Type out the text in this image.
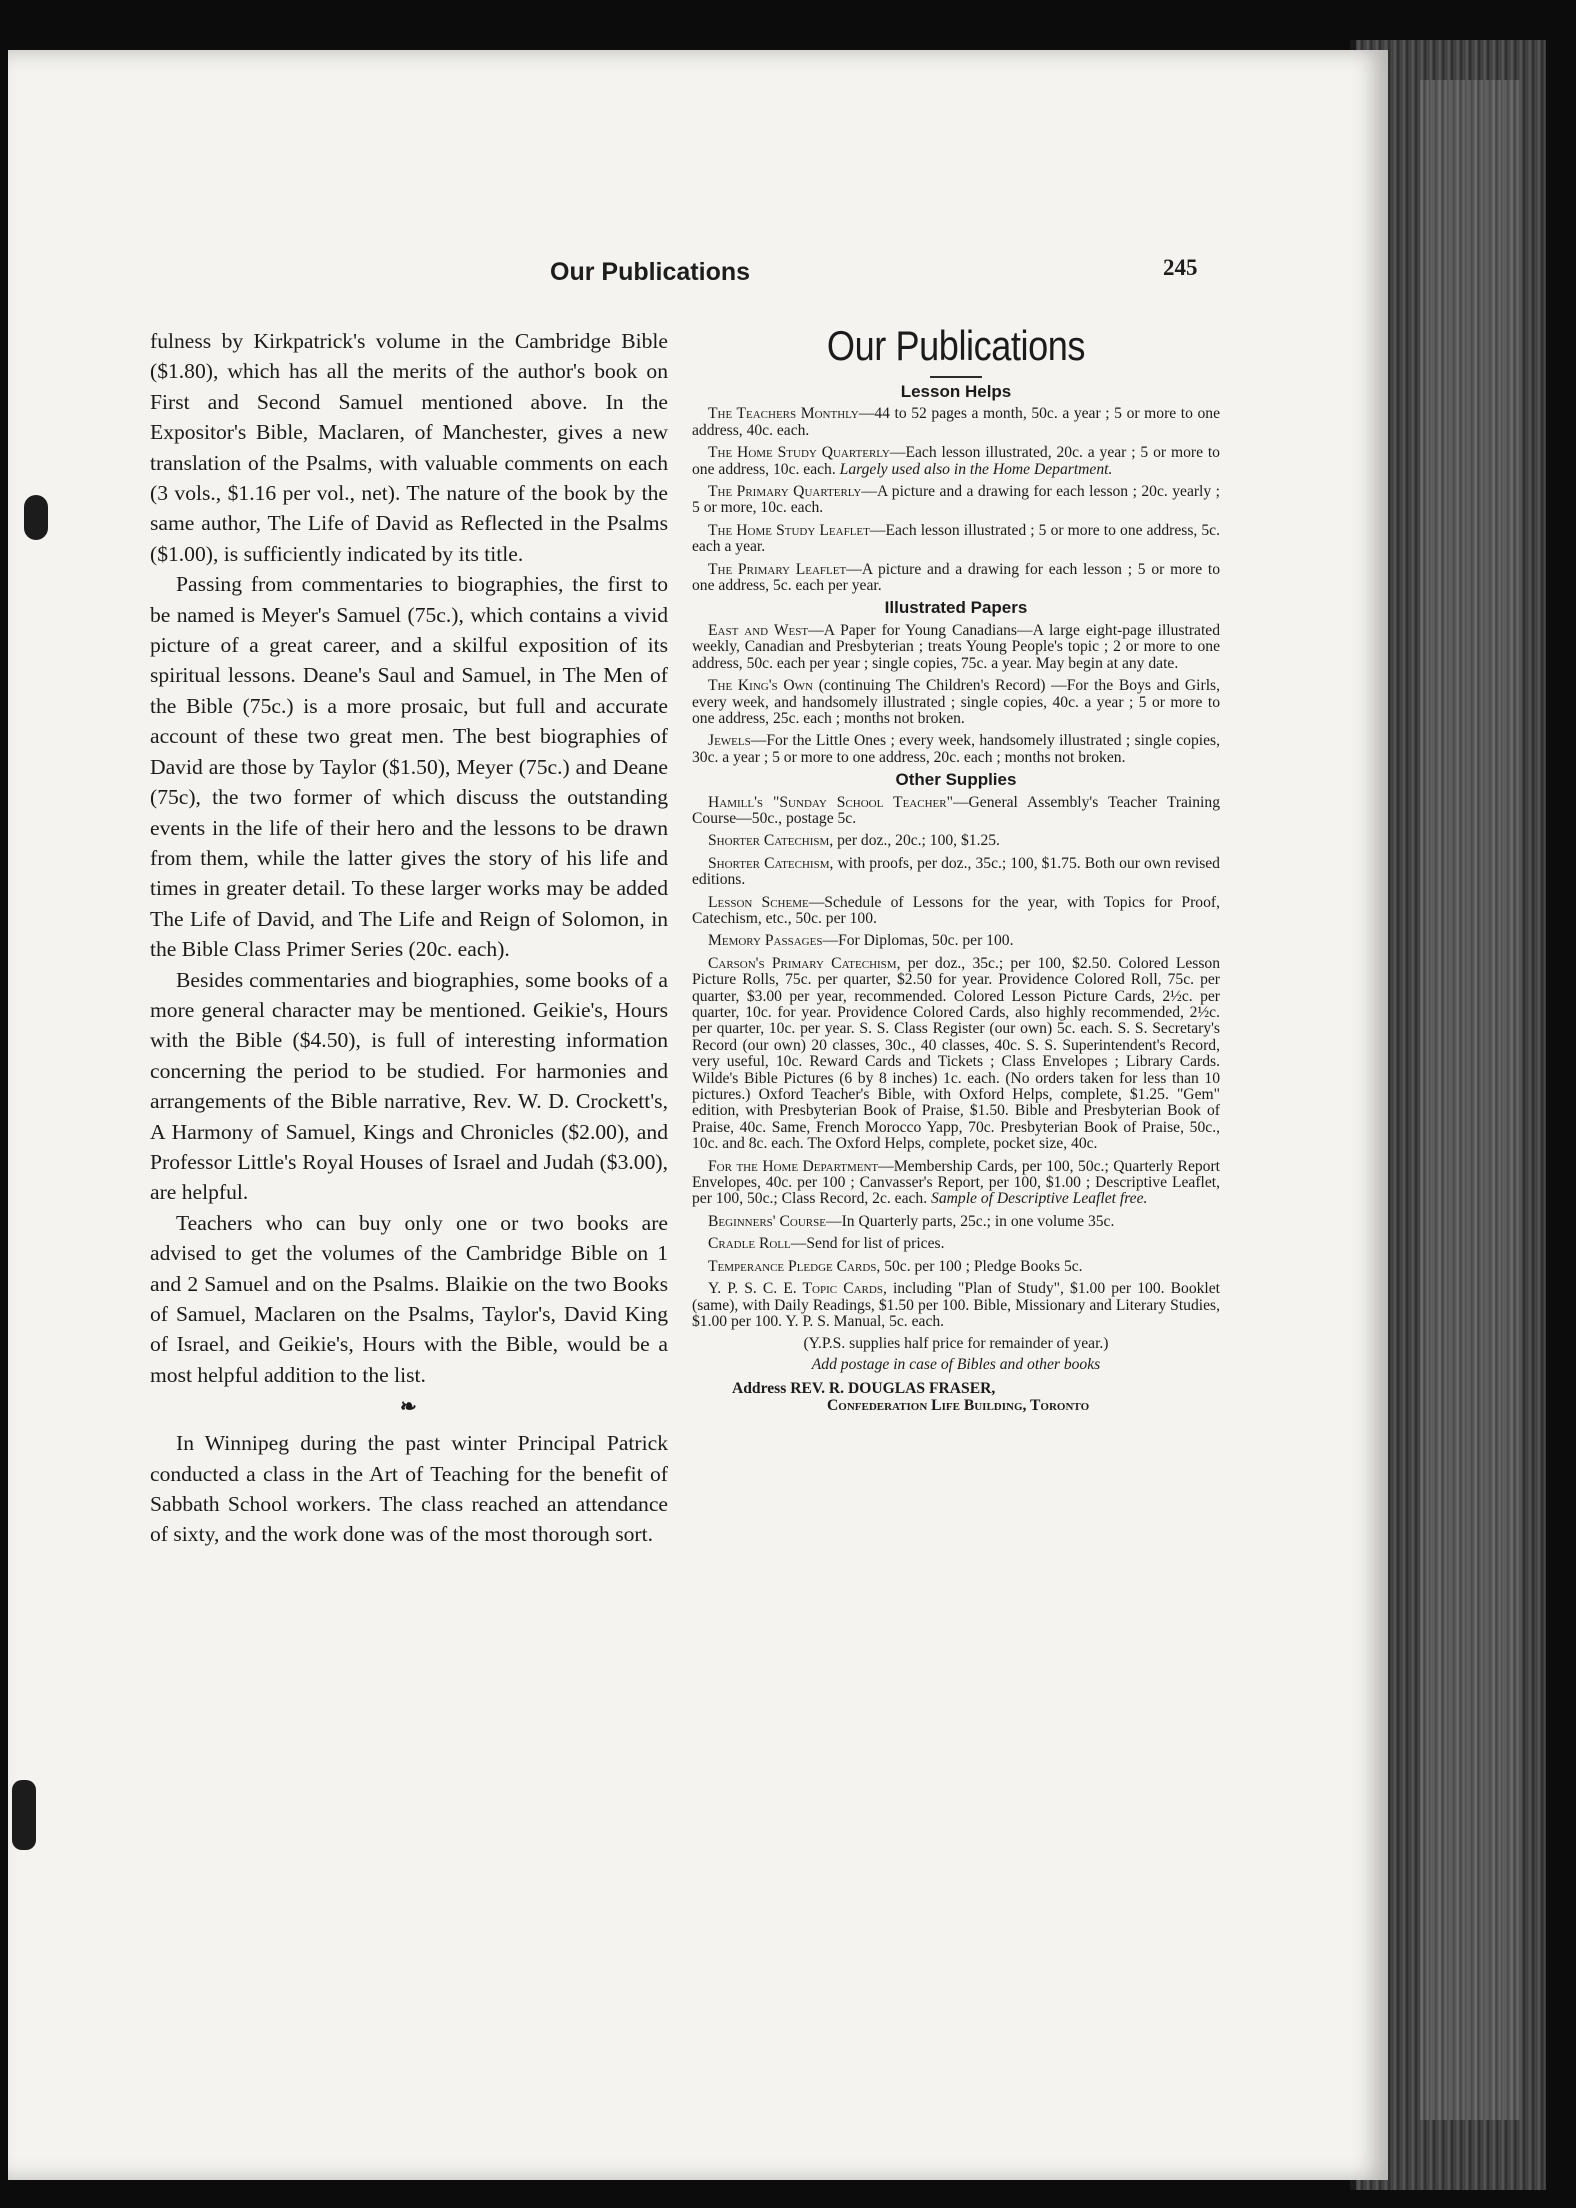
Our Publications	245

fulness by Kirkpatrick's volume in the Cambridge Bible ($1.80), which has all the merits of the author's book on First and Second Samuel mentioned above. In the Expositor's Bible, Maclaren, of Manchester, gives a new translation of the Psalms, with valuable comments on each (3 vols., $1.16 per vol., net). The nature of the book by the same author, The Life of David as Reflected in the Psalms ($1.00), is sufficiently indicated by its title.

Passing from commentaries to biographies, the first to be named is Meyer's Samuel (75c.), which contains a vivid picture of a great career, and a skilful exposition of its spiritual lessons. Deane's Saul and Samuel, in The Men of the Bible (75c.) is a more prosaic, but full and accurate account of these two great men. The best biographies of David are those by Taylor ($1.50), Meyer (75c.) and Deane (75c), the two former of which discuss the outstanding events in the life of their hero and the lessons to be drawn from them, while the latter gives the story of his life and times in greater detail. To these larger works may be added The Life of David, and The Life and Reign of Solomon, in the Bible Class Primer Series (20c. each).

Besides commentaries and biographies, some books of a more general character may be mentioned. Geikie's, Hours with the Bible ($4.50), is full of interesting information concerning the period to be studied. For harmonies and arrangements of the Bible narrative, Rev. W. D. Crockett's, A Harmony of Samuel, Kings and Chronicles ($2.00), and Professor Little's Royal Houses of Israel and Judah ($3.00), are helpful.

Teachers who can buy only one or two books are advised to get the volumes of the Cambridge Bible on 1 and 2 Samuel and on the Psalms. Blaikie on the two Books of Samuel, Maclaren on the Psalms, Taylor's, David King of Israel, and Geikie's, Hours with the Bible, would be a most helpful addition to the list.

❧

In Winnipeg during the past winter Principal Patrick conducted a class in the Art of Teaching for the benefit of Sabbath School workers. The class reached an attendance of sixty, and the work done was of the most thorough sort.

Our Publications
Lesson Helps
The Teachers Monthly—44 to 52 pages a month, 50c. a year ; 5 or more to one address, 40c. each.
The Home Study Quarterly—Each lesson illustrated, 20c. a year ; 5 or more to one address, 10c. each. Largely used also in the Home Department.
The Primary Quarterly—A picture and a drawing for each lesson ; 20c. yearly ; 5 or more, 10c. each.
The Home Study Leaflet—Each lesson illustrated ; 5 or more to one address, 5c. each a year.
The Primary Leaflet—A picture and a drawing for each lesson ; 5 or more to one address, 5c. each per year.
Illustrated Papers
East and West—A Paper for Young Canadians—A large eight-page illustrated weekly, Canadian and Presbyterian ; treats Young People's topic ; 2 or more to one address, 50c. each per year ; single copies, 75c. a year. May begin at any date.
The King's Own (continuing The Children's Record) —For the Boys and Girls, every week, and handsomely illustrated ; single copies, 40c. a year ; 5 or more to one address, 25c. each ; months not broken.
Jewels—For the Little Ones ; every week, handsomely illustrated ; single copies, 30c. a year ; 5 or more to one address, 20c. each ; months not broken.
Other Supplies
Hamill's "Sunday School Teacher"—General Assembly's Teacher Training Course—50c., postage 5c.
Shorter Catechism, per doz., 20c.; 100, $1.25.
Shorter Catechism, with proofs, per doz., 35c.; 100, $1.75. Both our own revised editions.
Lesson Scheme—Schedule of Lessons for the year, with Topics for Proof, Catechism, etc., 50c. per 100.
Memory Passages—For Diplomas, 50c. per 100.
Carson's Primary Catechism, per doz., 35c.; per 100, $2.50. Colored Lesson Picture Rolls, 75c. per quarter, $2.50 for year. Providence Colored Roll, 75c. per quarter, $3.00 per year, recommended. Colored Lesson Picture Cards, 2½c. per quarter, 10c. for year. Providence Colored Cards, also highly recommended, 2½c. per quarter, 10c. per year. S. S. Class Register (our own) 5c. each. S. S. Secretary's Record (our own) 20 classes, 30c., 40 classes, 40c. S. S. Superintendent's Record, very useful, 10c. Reward Cards and Tickets ; Class Envelopes ; Library Cards. Wilde's Bible Pictures (6 by 8 inches) 1c. each. (No orders taken for less than 10 pictures.) Oxford Teacher's Bible, with Oxford Helps, complete, $1.25. "Gem" edition, with Presbyterian Book of Praise, $1.50. Bible and Presbyterian Book of Praise, 40c. Same, French Morocco Yapp, 70c. Presbyterian Book of Praise, 50c., 10c. and 8c. each. The Oxford Helps, complete, pocket size, 40c.
For the Home Department—Membership Cards, per 100, 50c.; Quarterly Report Envelopes, 40c. per 100 ; Canvasser's Report, per 100, $1.00 ; Descriptive Leaflet, per 100, 50c.; Class Record, 2c. each. Sample of Descriptive Leaflet free.
Beginners' Course—In Quarterly parts, 25c.; in one volume 35c.
Cradle Roll—Send for list of prices.
Temperance Pledge Cards, 50c. per 100 ; Pledge Books 5c.
Y. P. S. C. E. Topic Cards, including "Plan of Study", $1.00 per 100. Booklet (same), with Daily Readings, $1.50 per 100. Bible, Missionary and Literary Studies, $1.00 per 100. Y. P. S. Manual, 5c. each.
(Y.P.S. supplies half price for remainder of year.)
Add postage in case of Bibles and other books
Address REV. R. DOUGLAS FRASER,
Confederation Life Building, Toronto
